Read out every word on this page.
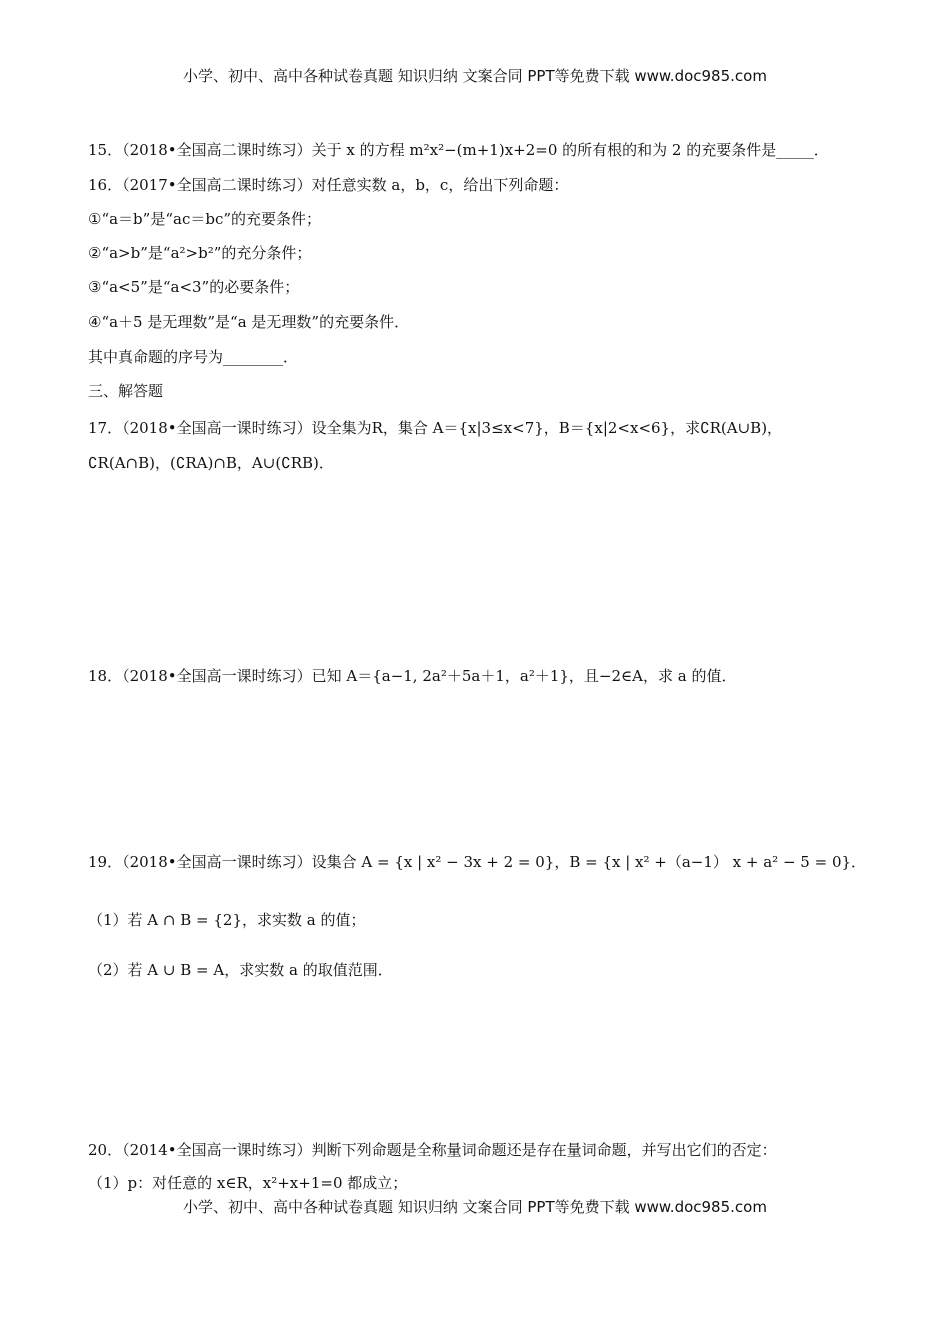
小学、初中、高中各种试卷真题 知识归纳 文案合同 PPT等免费下载 www.doc985.com
15．（2018•全国高二课时练习）关于 x 的方程 m²x²−(m+1)x+2=0 的所有根的和为 2 的充要条件是_____．
16．（2017•全国高二课时练习）对任意实数 a，b，c，给出下列命题：
①“a＝b”是“ac＝bc”的充要条件；
②“a>b”是“a²>b²”的充分条件；
③“a<5”是“a<3”的必要条件；
④“a＋5 是无理数”是“a 是无理数”的充要条件．
其中真命题的序号为________．
三、解答题
17．（2018•全国高一课时练习）设全集为R，集合 A＝{x|3≤x<7}，B＝{x|2<x<6}，求∁R(A∪B)，
∁R(A∩B)，(∁RA)∩B，A∪(∁RB)．
18．（2018•全国高一课时练习）已知 A＝{a−1, 2a²＋5a＋1，a²＋1}，且−2∈A，求 a 的值．
19．（2018•全国高一课时练习）设集合 A = {x | x² − 3x + 2 = 0}，B = {x | x² +（a−1） x + a² − 5 = 0}．
（1）若 A ∩ B = {2}，求实数 a 的值；
（2）若 A ∪ B = A，求实数 a 的取值范围．
20．（2014•全国高一课时练习）判断下列命题是全称量词命题还是存在量词命题，并写出它们的否定：
（1）p：对任意的 x∈R，x²+x+1=0 都成立；
小学、初中、高中各种试卷真题 知识归纳 文案合同 PPT等免费下载 www.doc985.com
